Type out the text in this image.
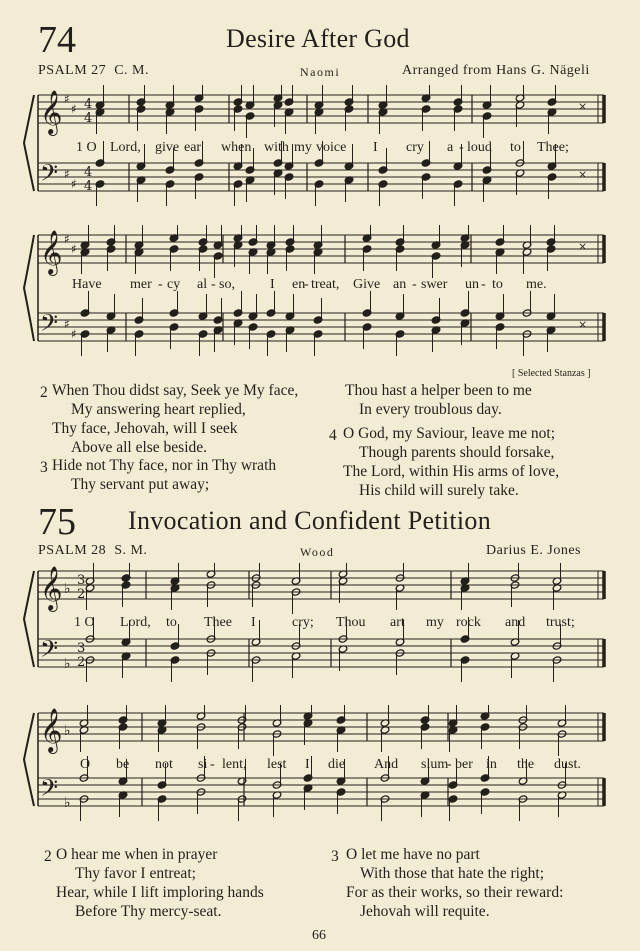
74	Desire After God
PSALM 27 C. M.	Naomi	Arranged from Hans G. Nägeli
𝄞
𝄢
♯
♯
♯
♯
4
4
4
4
×
×
1 O Lord, give ear when with my voice I cry a - loud to Thee;
𝄞
𝄢
♯
♯
♯
♯
×
×
Have mer - cy al - so,	I en
- treat, Give an - swer un - to me.
[ Selected Stanzas ]
2 When Thou didst say, Seek ye My face,
My answering heart replied,
Thy face, Jehovah, will I seek
Above all else beside.
3 Hide not Thy face, nor in Thy wrath
Thy servant put away;
Thou hast a helper been to me
In every troublous day.
4 O God, my Saviour, leave me not;
Though parents should forsake,
The Lord, within His arms of love,
His child will surely take.
75 Invocation and Confident Petition
PSALM 28 S. M.	Wood	Darius E. Jones
𝄞
𝄢
♭
♭
3
2
3
2
1 O Lord, to Thee I	cry; Thou art my rock and trust;
𝄞
𝄢
♭
♭
O be not si - lent, lest I die And slum
- ber in the dust.
2 O hear me when in prayer
Thy favor I entreat;
Hear, while I lift imploring hands
Before Thy mercy-seat.
3 O let me have no part
With those that hate the right;
For as their works, so their reward:
Jehovah will requite.
66
